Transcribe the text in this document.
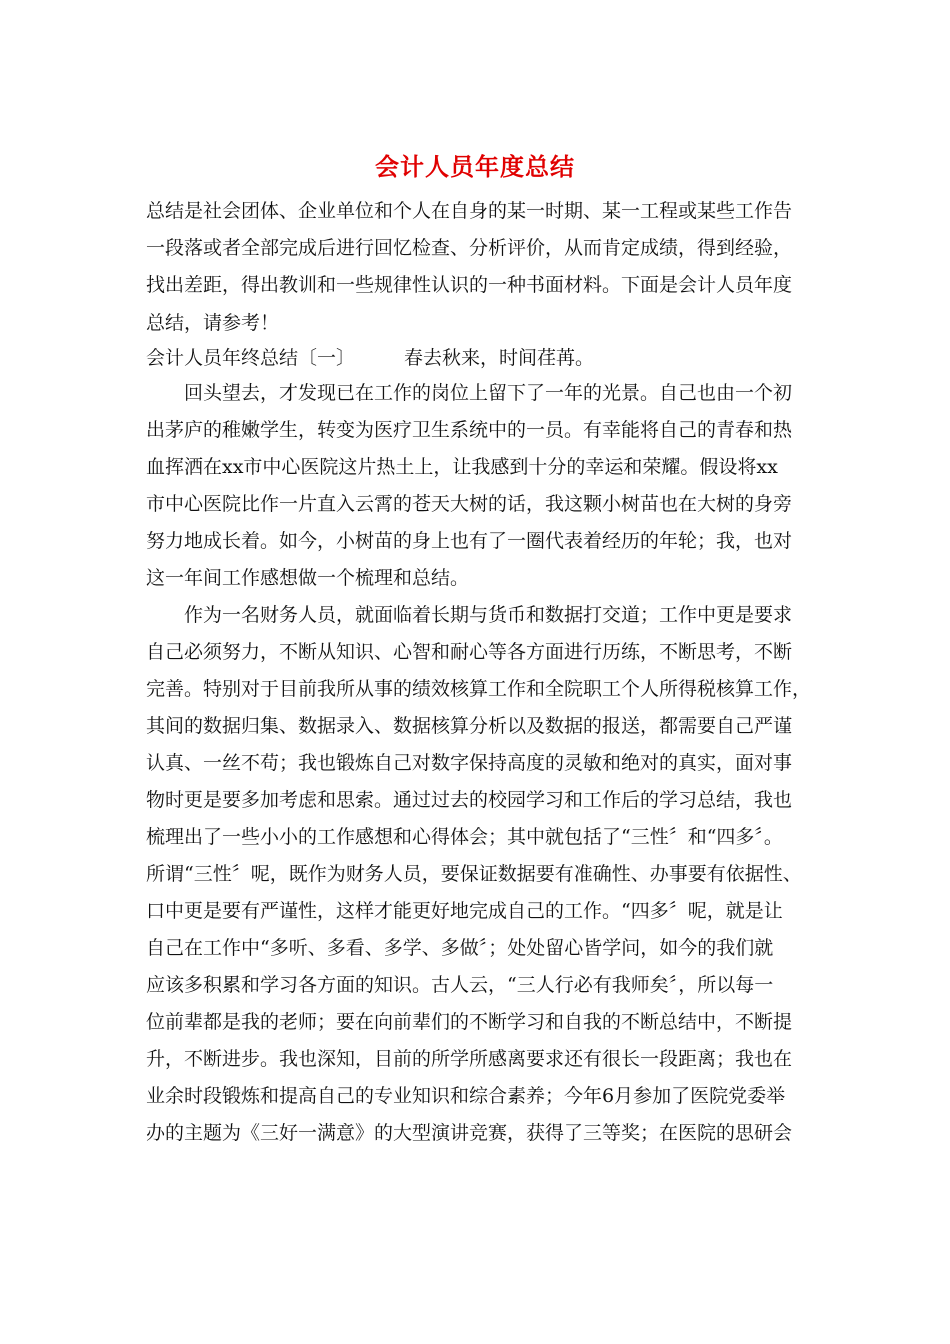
会计人员年度总结
总结是社会团体、企业单位和个人在自身的某一时期、某一工程或某些工作告
一段落或者全部完成后进行回忆检查、分析评价，从而肯定成绩，得到经验，
找出差距，得出教训和一些规律性认识的一种书面材料。下面是会计人员年度
总结，请参考！
会计人员年终总结〔一〕	春去秋来，时间荏苒。
回头望去，才发现已在工作的岗位上留下了一年的光景。自己也由一个初
出茅庐的稚嫩学生，转变为医疗卫生系统中的一员。有幸能将自己的青春和热
血挥洒在xx市中心医院这片热土上，让我感到十分的幸运和荣耀。假设将xx
市中心医院比作一片直入云霄的苍天大树的话，我这颗小树苗也在大树的身旁
努力地成长着。如今，小树苗的身上也有了一圈代表着经历的年轮；我，也对
这一年间工作感想做一个梳理和总结。
作为一名财务人员，就面临着长期与货币和数据打交道；工作中更是要求
自己必须努力，不断从知识、心智和耐心等各方面进行历练，不断思考，不断
完善。特别对于目前我所从事的绩效核算工作和全院职工个人所得税核算工作，
其间的数据归集、数据录入、数据核算分析以及数据的报送，都需要自己严谨
认真、一丝不苟；我也锻炼自己对数字保持高度的灵敏和绝对的真实，面对事
物时更是要多加考虑和思索。通过过去的校园学习和工作后的学习总结，我也
梳理出了一些小小的工作感想和心得体会；其中就包括了“三性〞和“四多〞。
所谓“三性〞呢，既作为财务人员，要保证数据要有准确性、办事要有依据性、
口中更是要有严谨性，这样才能更好地完成自己的工作。“四多〞呢，就是让
自己在工作中“多听、多看、多学、多做〞；处处留心皆学问，如今的我们就
应该多积累和学习各方面的知识。古人云，“三人行必有我师矣〞，所以每一
位前辈都是我的老师；要在向前辈们的不断学习和自我的不断总结中，不断提
升，不断进步。我也深知，目前的所学所感离要求还有很长一段距离；我也在
业余时段锻炼和提高自己的专业知识和综合素养；今年6月参加了医院党委举
办的主题为《三好一满意》的大型演讲竞赛，获得了三等奖；在医院的思研会
